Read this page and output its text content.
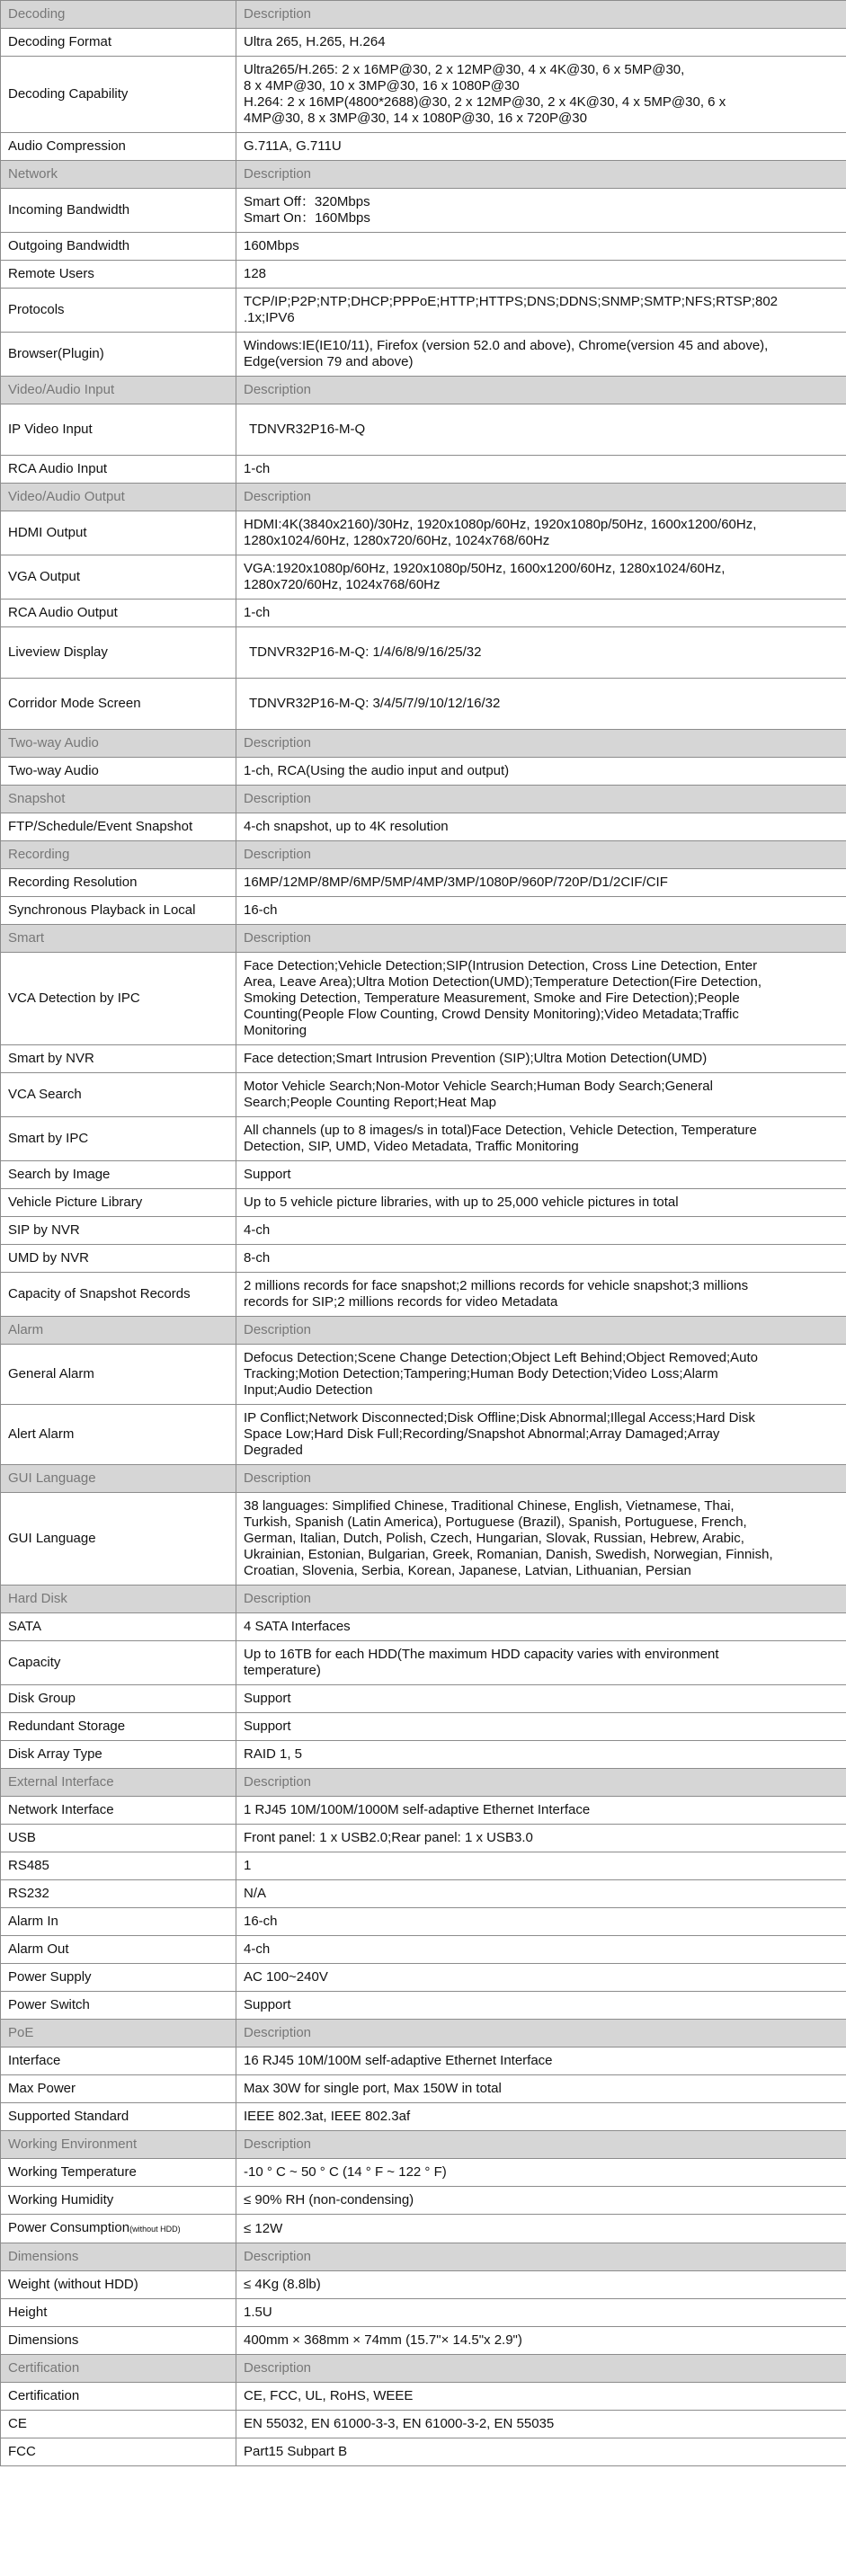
Decoding	Description
Decoding Format	Ultra 265, H.265, H.264
Decoding Capability	Ultra265/H.265: 2 x 16MP@30, 2 x 12MP@30, 4 x 4K@30, 6 x 5MP@30,
8 x 4MP@30, 10 x 3MP@30, 16 x 1080P@30
H.264: 2 x 16MP(4800*2688)@30, 2 x 12MP@30, 2 x 4K@30, 4 x 5MP@30, 6 x
4MP@30, 8 x 3MP@30, 14 x 1080P@30, 16 x 720P@30
Audio Compression	G.711A, G.711U
Network	Description
Incoming Bandwidth	Smart Off：320Mbps
Smart On：160Mbps
Outgoing Bandwidth	160Mbps
Remote Users	128
Protocols	TCP/IP;P2P;NTP;DHCP;PPPoE;HTTP;HTTPS;DNS;DDNS;SNMP;SMTP;NFS;RTSP;802
.1x;IPV6
Browser(Plugin)	Windows:IE(IE10/11), Firefox (version 52.0 and above), Chrome(version 45 and above),
Edge(version 79 and above)
Video/Audio Input	Description
IP Video Input	TDNVR32P16-M-Q
RCA Audio Input	1-ch
Video/Audio Output	Description
HDMI Output	HDMI:4K(3840x2160)/30Hz, 1920x1080p/60Hz, 1920x1080p/50Hz, 1600x1200/60Hz,
1280x1024/60Hz, 1280x720/60Hz, 1024x768/60Hz
VGA Output	VGA:1920x1080p/60Hz, 1920x1080p/50Hz, 1600x1200/60Hz, 1280x1024/60Hz,
1280x720/60Hz, 1024x768/60Hz
RCA Audio Output	1-ch
Liveview Display	TDNVR32P16-M-Q: 1/4/6/8/9/16/25/32
Corridor Mode Screen	TDNVR32P16-M-Q: 3/4/5/7/9/10/12/16/32
Two-way Audio	Description
Two-way Audio	1-ch, RCA(Using the audio input and output)
Snapshot	Description
FTP/Schedule/Event Snapshot	4-ch snapshot, up to 4K resolution
Recording	Description
Recording Resolution	16MP/12MP/8MP/6MP/5MP/4MP/3MP/1080P/960P/720P/D1/2CIF/CIF
Synchronous Playback in Local	16-ch
Smart	Description
VCA Detection by IPC	Face Detection;Vehicle Detection;SIP(Intrusion Detection, Cross Line Detection, Enter
Area, Leave Area);Ultra Motion Detection(UMD);Temperature Detection(Fire Detection,
Smoking Detection, Temperature Measurement, Smoke and Fire Detection);People
Counting(People Flow Counting, Crowd Density Monitoring);Video Metadata;Traffic
Monitoring
Smart by NVR	Face detection;Smart Intrusion Prevention (SIP);Ultra Motion Detection(UMD)
VCA Search	Motor Vehicle Search;Non-Motor Vehicle Search;Human Body Search;General
Search;People Counting Report;Heat Map
Smart by IPC	All channels (up to 8 images/s in total)Face Detection, Vehicle Detection, Temperature
Detection, SIP, UMD, Video Metadata, Traffic Monitoring
Search by Image	Support
Vehicle Picture Library	Up to 5 vehicle picture libraries, with up to 25,000 vehicle pictures in total
SIP by NVR	4-ch
UMD by NVR	8-ch
Capacity of Snapshot Records	2 millions records for face snapshot;2 millions records for vehicle snapshot;3 millions
records for SIP;2 millions records for video Metadata
Alarm	Description
General Alarm	Defocus Detection;Scene Change Detection;Object Left Behind;Object Removed;Auto
Tracking;Motion Detection;Tampering;Human Body Detection;Video Loss;Alarm
Input;Audio Detection
Alert Alarm	IP Conflict;Network Disconnected;Disk Offline;Disk Abnormal;Illegal Access;Hard Disk
Space Low;Hard Disk Full;Recording/Snapshot Abnormal;Array Damaged;Array
Degraded
GUI Language	Description
GUI Language	38 languages: Simplified Chinese, Traditional Chinese, English, Vietnamese, Thai,
Turkish, Spanish (Latin America), Portuguese (Brazil), Spanish, Portuguese, French,
German, Italian, Dutch, Polish, Czech, Hungarian, Slovak, Russian, Hebrew, Arabic,
Ukrainian, Estonian, Bulgarian, Greek, Romanian, Danish, Swedish, Norwegian, Finnish,
Croatian, Slovenia, Serbia, Korean, Japanese, Latvian, Lithuanian, Persian
Hard Disk	Description
SATA	4 SATA Interfaces
Capacity	Up to 16TB for each HDD(The maximum HDD capacity varies with environment
temperature)
Disk Group	Support
Redundant Storage	Support
Disk Array Type	RAID 1, 5
External Interface	Description
Network Interface	1 RJ45 10M/100M/1000M self-adaptive Ethernet Interface
USB	Front panel: 1 x USB2.0;Rear panel: 1 x USB3.0
RS485	1
RS232	N/A
Alarm In	16-ch
Alarm Out	4-ch
Power Supply	AC 100~240V
Power Switch	Support
PoE	Description
Interface	16 RJ45 10M/100M self-adaptive Ethernet Interface
Max Power	Max 30W for single port, Max 150W in total
Supported Standard	IEEE 802.3at, IEEE 802.3af
Working Environment	Description
Working Temperature	-10 ° C ~ 50 ° C (14 ° F ~ 122 ° F)
Working Humidity	≤ 90% RH (non-condensing)
Power Consumption(without HDD)	≤ 12W
Dimensions	Description
Weight (without HDD)	≤ 4Kg (8.8lb)
Height	1.5U
Dimensions	400mm × 368mm × 74mm (15.7"× 14.5"x 2.9")
Certification	Description
Certification	CE, FCC, UL, RoHS, WEEE
CE	EN 55032, EN 61000-3-3, EN 61000-3-2, EN 55035
FCC	Part15 Subpart B
